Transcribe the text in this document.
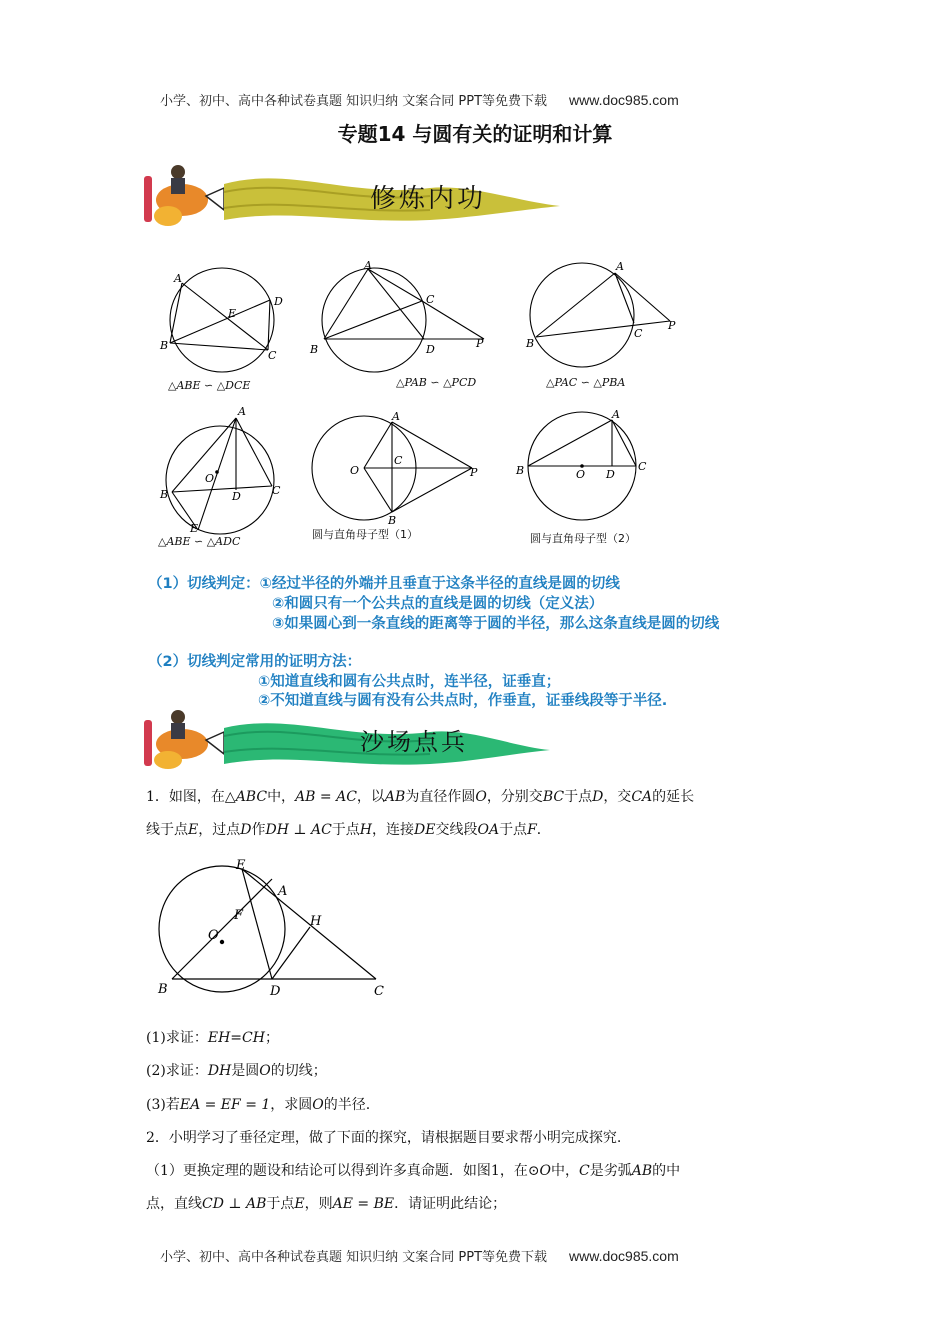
小学、初中、高中各种试卷真题 知识归纳 文案合同 PPT等免费下载 www.doc985.com
专题14 与圆有关的证明和计算
修炼内功
A
D
E
B
C
A
C
B	D	P
A
P
C
B
△ABE ∽ △DCE	△PAB ∽ △PCD	△PAC ∽ △PBA
A
O
D
B	C
E
A
O
C
P
B
A
B	O D
C
△ABE ∽ △ADC
圆与直角母子型（1）	圆与直角母子型（2）
（1）切线判定：①经过半径的外端并且垂直于这条半径的直线是圆的切线
②和圆只有一个公共点的直线是圆的切线（定义法）
③如果圆心到一条直线的距离等于圆的半径，那么这条直线是圆的切线
（2）切线判定常用的证明方法：
①知道直线和圆有公共点时，连半径，证垂直；
②不知道直线与圆有没有公共点时，作垂直，证垂线段等于半径.
沙场点兵
1．如图，在△ABC中，AB = AC，以AB为直径作圆O，分别交BC于点D，交CA的延长
线于点E，过点D作DH ⊥ AC于点H，连接DE交线段OA于点F．
E
A
F	H
O
B	D	C
(1)求证：EH=CH；
(2)求证：DH是圆O的切线；
(3)若EA = EF = 1，求圆O的半径.
2．小明学习了垂径定理，做了下面的探究，请根据题目要求帮小明完成探究.
（1）更换定理的题设和结论可以得到许多真命题．如图1，在⊙O中，C是劣弧AB的中
点，直线CD ⊥ AB于点E，则AE = BE．请证明此结论；
小学、初中、高中各种试卷真题 知识归纳 文案合同 PPT等免费下载 www.doc985.com
